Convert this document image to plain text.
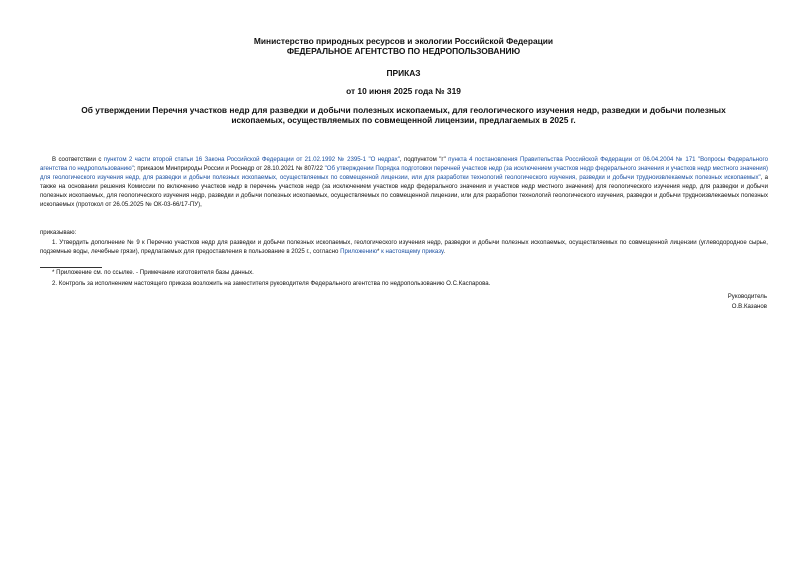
Министерство природных ресурсов и экологии Российской Федерации
ФЕДЕРАЛЬНОЕ АГЕНТСТВО ПО НЕДРОПОЛЬЗОВАНИЮ
ПРИКАЗ
от 10 июня 2025 года № 319
Об утверждении Перечня участков недр для разведки и добычи полезных ископаемых, для геологического изучения недр, разведки и добычи полезных ископаемых, осуществляемых по совмещенной лицензии, предлагаемых в 2025 г.
В соответствии с пунктом 2 части второй статьи 16 Закона Российской Федерации от 21.02.1992 № 2395-1 "О недрах", подпунктом "г" пункта 4 постановления Правительства Российской Федерации от 06.04.2004 № 171 "Вопросы Федерального агентства по недропользованию"; приказом Минприроды России и Роснедр от 28.10.2021 № 807/22 "Об утверждении Порядка подготовки перечней участков недр (за исключением участков недр федерального значения и участков недр местного значения) для геологического изучения недр, для разведки и добычи полезных ископаемых, осуществляемых по совмещенной лицензии, или для разработки технологий геологического изучения, разведки и добычи трудноизвлекаемых полезных ископаемых", а также на основании решения Комиссии по включению участков недр в перечень участков недр (за исключением участков недр федерального значения и участков недр местного значения) для геологического изучения недр, для разведки и добычи полезных ископаемых, для геологического изучения недр, разведки и добычи полезных ископаемых, осуществляемых по совмещенной лицензии, или для разработки технологий геологического изучения, разведки и добычи трудноизвлекаемых полезных ископаемых (протокол от 26.05.2025 № ОК-03-66/17-ПУ),
приказываю:
1. Утвердить дополнение № 9 к Перечню участков недр для разведки и добычи полезных ископаемых, геологического изучения недр, разведки и добычи полезных ископаемых, осуществляемых по совмещенной лицензии (углеводородное сырье, подземные воды, лечебные грязи), предлагаемых для предоставления в пользование в 2025 г., согласно Приложению* к настоящему приказу.
* Приложение см. по ссылке. - Примечание изготовителя базы данных.
2. Контроль за исполнением настоящего приказа возложить на заместителя руководителя Федерального агентства по недропользованию О.С.Каспарова.
Руководитель
О.В.Казанов
